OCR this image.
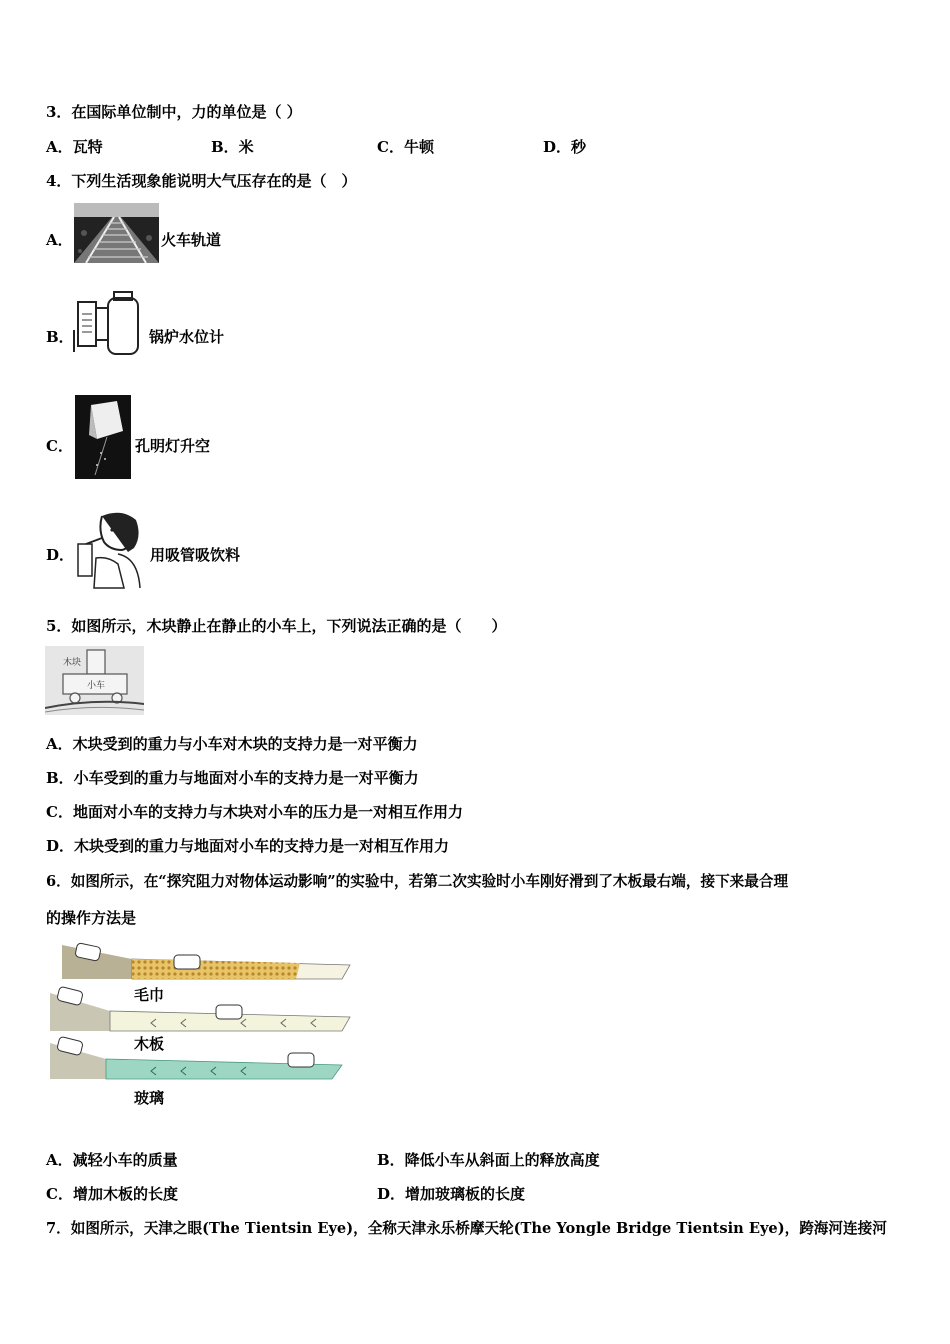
3．在国际单位制中，力的单位是（ ）
A．瓦特	B．米	C．牛顿	D．秒
4．下列生活现象能说明大气压存在的是（　）
A．	火车轨道
B．	锅炉水位计
C．	孔明灯升空
D．	用吸管吸饮料
5．如图所示，木块静止在静止的小车上，下列说法正确的是（　　）
木块
小车
A．木块受到的重力与小车对木块的支持力是一对平衡力
B．小车受到的重力与地面对小车的支持力是一对平衡力
C．地面对小车的支持力与木块对小车的压力是一对相互作用力
D．木块受到的重力与地面对小车的支持力是一对相互作用力
6．如图所示，在“探究阻力对物体运动影响”的实验中，若第二次实验时小车刚好滑到了木板最右端，接下来最合理
的操作方法是
毛巾
木板
玻璃
A．减轻小车的质量	B．降低小车从斜面上的释放高度
C．增加木板的长度	D．增加玻璃板的长度
7．如图所示，天津之眼(The Tientsin Eye)，全称天津永乐桥摩天轮(The Yongle Bridge Tientsin Eye)，跨海河连接河
